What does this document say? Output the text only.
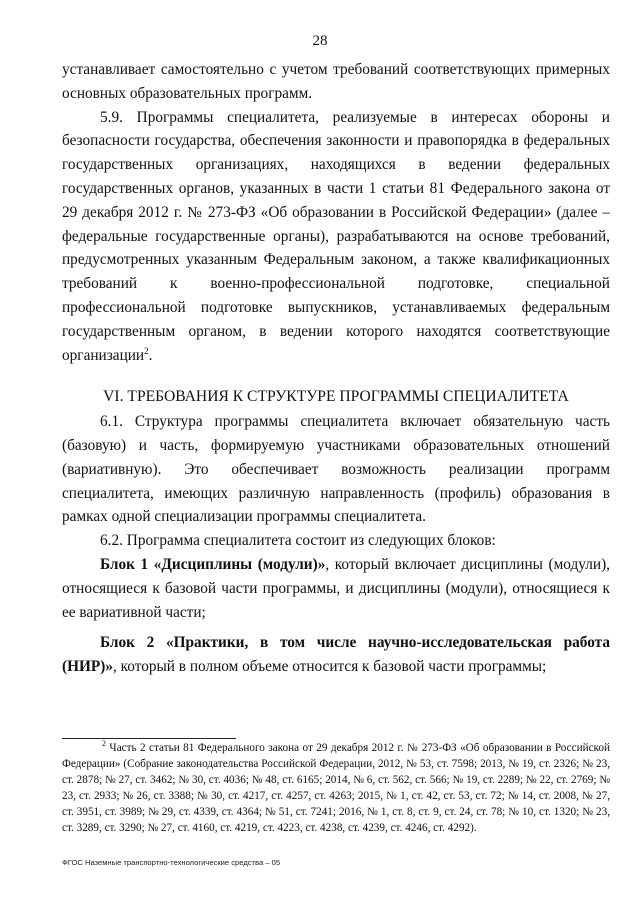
28

устанавливает самостоятельно с учетом требований соответствующих примерных основных образовательных программ.

5.9. Программы специалитета, реализуемые в интересах обороны и безопасности государства, обеспечения законности и правопорядка в федеральных государственных организациях, находящихся в ведении федеральных государственных органов, указанных в части 1 статьи 81 Федерального закона от 29 декабря 2012 г. № 273-ФЗ «Об образовании в Российской Федерации» (далее – федеральные государственные органы), разрабатываются на основе требований, предусмотренных указанным Федеральным законом, а также квалификационных требований к военно-профессиональной подготовке, специальной профессиональной подготовке выпускников, устанавливаемых федеральным государственным органом, в ведении которого находятся соответствующие организации$^2$.

VI. ТРЕБОВАНИЯ К СТРУКТУРЕ ПРОГРАММЫ СПЕЦИАЛИТЕТА

6.1. Структура программы специалитета включает обязательную часть (базовую) и часть, формируемую участниками образовательных отношений (вариативную). Это обеспечивает возможность реализации программ специалитета, имеющих различную направленность (профиль) образования в рамках одной специализации программы специалитета.

6.2. Программа специалитета состоит из следующих блоков:

Блок 1 «Дисциплины (модули)», который включает дисциплины (модули), относящиеся к базовой части программы, и дисциплины (модули), относящиеся к ее вариативной части;

Блок 2 «Практики, в том числе научно-исследовательская работа (НИР)», который в полном объеме относится к базовой части программы;

$^2$ Часть 2 статьи 81 Федерального закона от 29 декабря 2012 г. № 273-ФЗ «Об образовании в Российской Федерации» (Собрание законодательства Российской Федерации, 2012, № 53, ст. 7598; 2013, № 19, ст. 2326; № 23, ст. 2878; № 27, ст. 3462; № 30, ст. 4036; № 48, ст. 6165; 2014, № 6, ст. 562, ст. 566; № 19, ст. 2289; № 22, ст. 2769; № 23, ст. 2933; № 26, ст. 3388; № 30, ст. 4217, ст. 4257, ст. 4263; 2015, № 1, ст. 42, ст. 53, ст. 72; № 14, ст. 2008, № 27, ст. 3951, ст. 3989; № 29, ст. 4339, ст. 4364; № 51, ст. 7241; 2016, № 1, ст. 8, ст. 9, ст. 24, ст. 78; № 10, ст. 1320; № 23, ст. 3289, ст. 3290; № 27, ст. 4160, ст. 4219, ст. 4223, ст. 4238, ст. 4239, ст. 4246, ст. 4292).

ФГОС Наземные транспортно-технологические средства – 05
